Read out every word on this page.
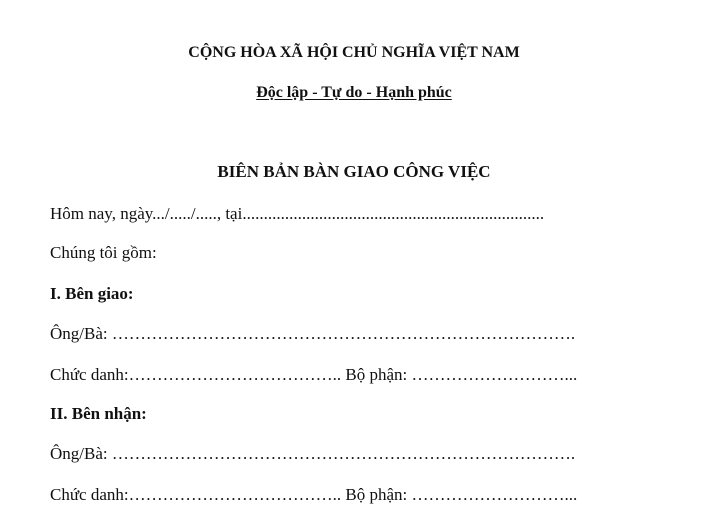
CỘNG HÒA XÃ HỘI CHỦ NGHĨA VIỆT NAM
Độc lập - Tự do - Hạnh phúc
BIÊN BẢN BÀN GIAO CÔNG VIỆC
Hôm nay, ngày.../...../....., tại.......................................................................
Chúng tôi gồm:
I. Bên giao:
Ông/Bà: ……………………………………………………………………….
Chức danh:……………………………….. Bộ phận: ………………………...
II. Bên nhận:
Ông/Bà: ……………………………………………………………………….
Chức danh:……………………………….. Bộ phận: ………………………...
